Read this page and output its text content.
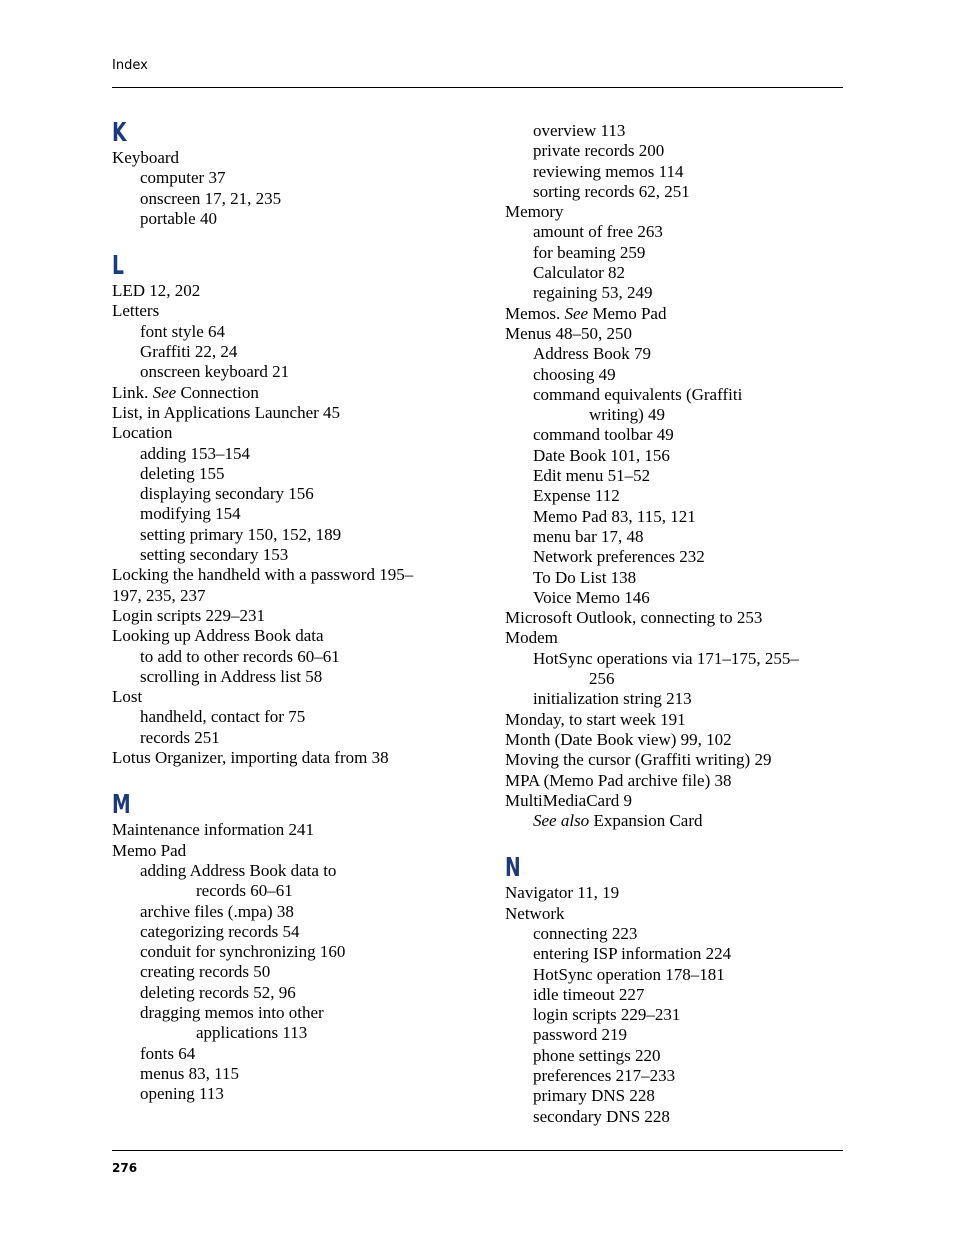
Index
K
Keyboard
computer 37
onscreen 17, 21, 235
portable 40
L
LED 12, 202
Letters
font style 64
Graffiti 22, 24
onscreen keyboard 21
Link. See Connection
List, in Applications Launcher 45
Location
adding 153–154
deleting 155
displaying secondary 156
modifying 154
setting primary 150, 152, 189
setting secondary 153
Locking the handheld with a password 195–
197, 235, 237
Login scripts 229–231
Looking up Address Book data
to add to other records 60–61
scrolling in Address list 58
Lost
handheld, contact for 75
records 251
Lotus Organizer, importing data from 38
M
Maintenance information 241
Memo Pad
adding Address Book data to
records 60–61
archive files (.mpa) 38
categorizing records 54
conduit for synchronizing 160
creating records 50
deleting records 52, 96
dragging memos into other
applications 113
fonts 64
menus 83, 115
opening 113
overview 113
private records 200
reviewing memos 114
sorting records 62, 251
Memory
amount of free 263
for beaming 259
Calculator 82
regaining 53, 249
Memos. See Memo Pad
Menus 48–50, 250
Address Book 79
choosing 49
command equivalents (Graffiti
writing) 49
command toolbar 49
Date Book 101, 156
Edit menu 51–52
Expense 112
Memo Pad 83, 115, 121
menu bar 17, 48
Network preferences 232
To Do List 138
Voice Memo 146
Microsoft Outlook, connecting to 253
Modem
HotSync operations via 171–175, 255–
256
initialization string 213
Monday, to start week 191
Month (Date Book view) 99, 102
Moving the cursor (Graffiti writing) 29
MPA (Memo Pad archive file) 38
MultiMediaCard 9
See also Expansion Card
N
Navigator 11, 19
Network
connecting 223
entering ISP information 224
HotSync operation 178–181
idle timeout 227
login scripts 229–231
password 219
phone settings 220
preferences 217–233
primary DNS 228
secondary DNS 228
276
